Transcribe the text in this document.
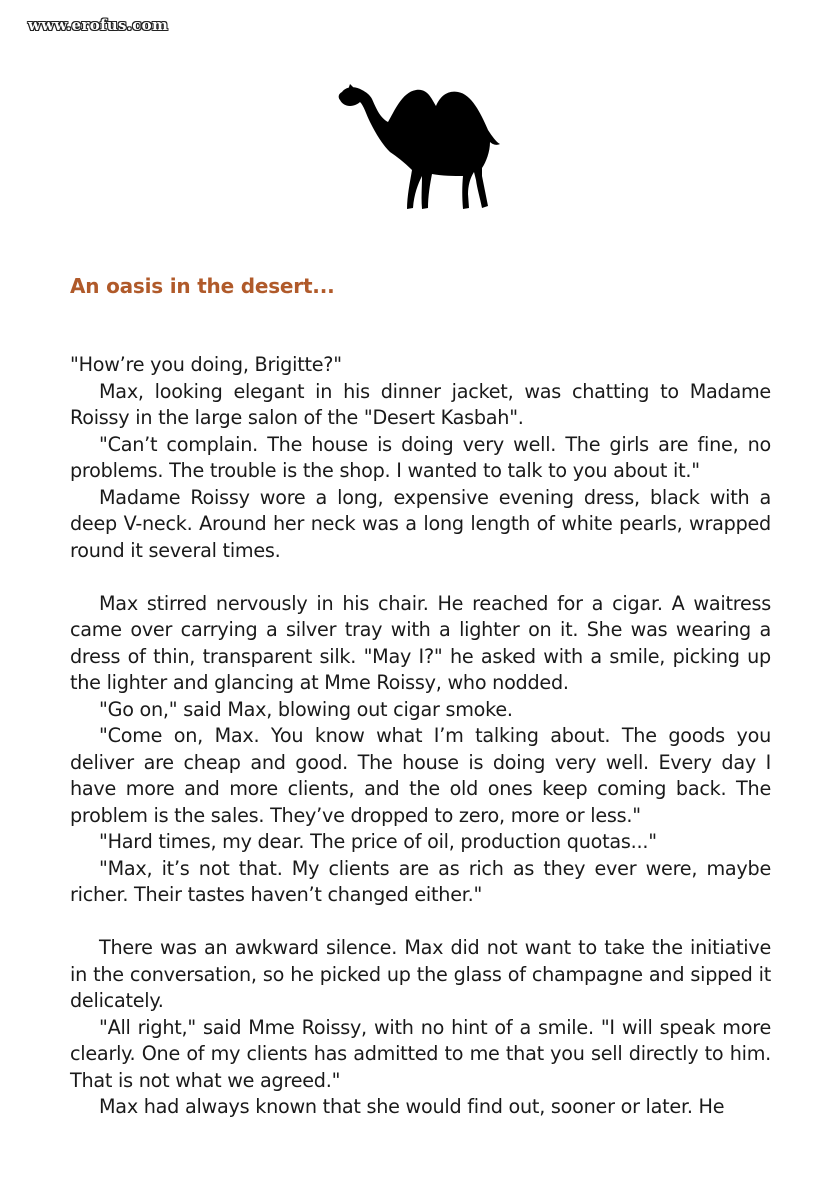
www.erofus.com
An oasis in the desert...

"How’re you doing, Brigitte?"

Max, looking elegant in his dinner jacket, was chatting to Madame Roissy in the large salon of the "Desert Kasbah".

"Can’t complain. The house is doing very well. The girls are fine, no problems. The trouble is the shop. I wanted to talk to you about it."

Madame Roissy wore a long, expensive evening dress, black with a deep V-neck. Around her neck was a long length of white pearls, wrapped round it several times.

Max stirred nervously in his chair. He reached for a cigar. A waitress came over carrying a silver tray with a lighter on it. She was wearing a dress of thin, transparent silk. "May I?" he asked with a smile, picking up the lighter and glancing at Mme Roissy, who nodded.

"Go on," said Max, blowing out cigar smoke.

"Come on, Max. You know what I’m talking about. The goods you deliver are cheap and good. The house is doing very well. Every day I have more and more clients, and the old ones keep coming back. The problem is the sales. They’ve dropped to zero, more or less."

"Hard times, my dear. The price of oil, production quotas..."

"Max, it’s not that. My clients are as rich as they ever were, maybe richer. Their tastes haven’t changed either."

There was an awkward silence. Max did not want to take the initiative in the conversation, so he picked up the glass of champagne and sipped it delicately.

"All right," said Mme Roissy, with no hint of a smile. "I will speak more clearly. One of my clients has admitted to me that you sell directly to him. That is not what we agreed."

Max had always known that she would find out, sooner or later. He
